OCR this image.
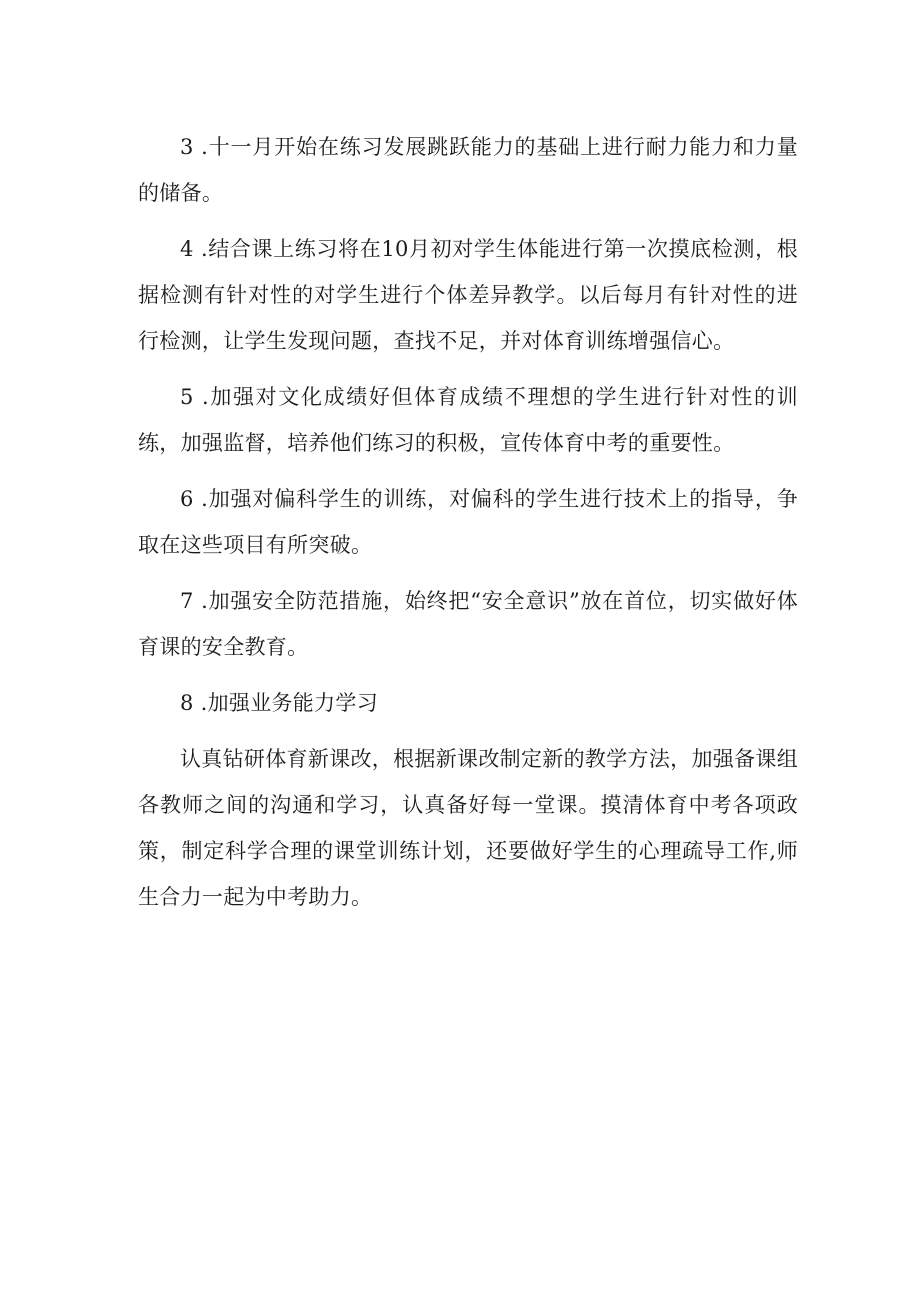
3 .十一月开始在练习发展跳跃能力的基础上进行耐力能力和力量的储备。

4 .结合课上练习将在10月初对学生体能进行第一次摸底检测，根据检测有针对性的对学生进行个体差异教学。以后每月有针对性的进行检测，让学生发现问题，查找不足，并对体育训练增强信心。

5 .加强对文化成绩好但体育成绩不理想的学生进行针对性的训练，加强监督，培养他们练习的积极，宣传体育中考的重要性。

6 .加强对偏科学生的训练，对偏科的学生进行技术上的指导，争取在这些项目有所突破。

7 .加强安全防范措施，始终把“安全意识”放在首位，切实做好体育课的安全教育。

8 .加强业务能力学习

认真钻研体育新课改，根据新课改制定新的教学方法，加强备课组各教师之间的沟通和学习，认真备好每一堂课。摸清体育中考各项政策，制定科学合理的课堂训练计划，还要做好学生的心理疏导工作,师生合力一起为中考助力。
